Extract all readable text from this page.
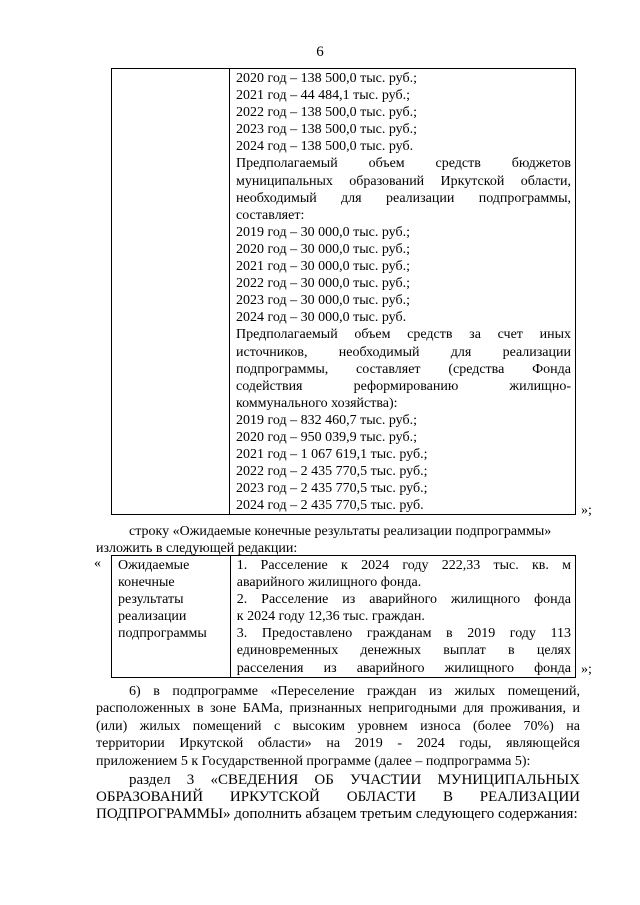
6

2020 год – 138 500,0 тыс. руб.;
2021 год – 44 484,1 тыс. руб.;
2022 год – 138 500,0 тыс. руб.;
2023 год – 138 500,0 тыс. руб.;
2024 год – 138 500,0 тыс. руб.
Предполагаемый объем средств бюджетов
муниципальных образований Иркутской области,
необходимый для реализации подпрограммы,
составляет:
2019 год – 30 000,0 тыс. руб.;
2020 год – 30 000,0 тыс. руб.;
2021 год – 30 000,0 тыс. руб.;
2022 год – 30 000,0 тыс. руб.;
2023 год – 30 000,0 тыс. руб.;
2024 год – 30 000,0 тыс. руб.
Предполагаемый объем средств за счет иных
источников, необходимый для реализации
подпрограммы, составляет (средства Фонда
содействия реформированию жилищно-
коммунального хозяйства):
2019 год – 832 460,7 тыс. руб.;
2020 год – 950 039,9 тыс. руб.;
2021 год – 1 067 619,1 тыс. руб.;
2022 год – 2 435 770,5 тыс. руб.;
2023 год – 2 435 770,5 тыс. руб.;
2024 год – 2 435 770,5 тыс. руб.	»;
строку «Ожидаемые конечные результаты реализации подпрограммы»
изложить в следующей редакции:
« Ожидаемые
конечные
результаты
реализации
подпрограммы

1. Расселение к 2024 году 222,33 тыс. кв. м
аварийного жилищного фонда.
2. Расселение из аварийного жилищного фонда
к 2024 году 12,36 тыс. граждан.
3. Предоставлено гражданам в 2019 году 113
единовременных денежных выплат в целях
расселения из аварийного жилищного фонда »;
6) в подпрограмме «Переселение граждан из жилых помещений,
расположенных в зоне БАМа, признанных непригодными для проживания, и
(или) жилых помещений с высоким уровнем износа (более 70%) на
территории Иркутской области» на 2019 - 2024 годы, являющейся
приложением 5 к Государственной программе (далее – подпрограмма 5):
раздел 3 «СВЕДЕНИЯ ОБ УЧАСТИИ МУНИЦИПАЛЬНЫХ
ОБРАЗОВАНИЙ ИРКУТСКОЙ ОБЛАСТИ В РЕАЛИЗАЦИИ
ПОДПРОГРАММЫ» дополнить абзацем третьим следующего содержания:
